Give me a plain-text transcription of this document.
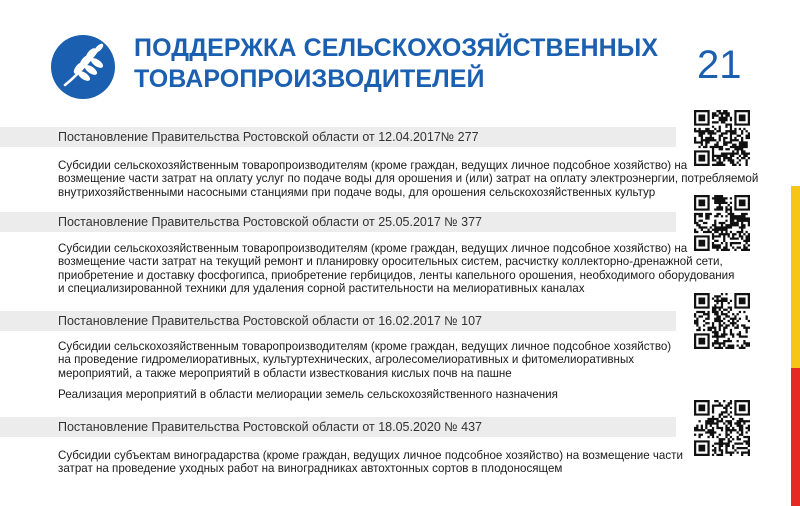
ПОДДЕРЖКА СЕЛЬСКОХОЗЯЙСТВЕННЫХ
ТОВАРОПРОИЗВОДИТЕЛЕЙ	21
Постановление Правительства Ростовской области от 12.04.2017№ 277
Субсидии сельскохозяйственным товаропроизводителям (кроме граждан, ведущих личное подсобное хозяйство) на
возмещение части затрат на оплату услуг по подаче воды для орошения и (или) затрат на оплату электроэнергии, потребляемой
внутрихозяйственными насосными станциями при подаче воды, для орошения сельскохозяйственных культур
Постановление Правительства Ростовской области от 25.05.2017 № 377
Субсидии сельскохозяйственным товаропроизводителям (кроме граждан, ведущих личное подсобное хозяйство) на
возмещение части затрат на текущий ремонт и планировку оросительных систем, расчистку коллекторно-дренажной сети,
приобретение и доставку фосфогипса, приобретение гербицидов, ленты капельного орошения, необходимого оборудования
и специализированной техники для удаления сорной растительности на мелиоративных каналах
Постановление Правительства Ростовской области от 16.02.2017 № 107
Субсидии сельскохозяйственным товаропроизводителям (кроме граждан, ведущих личное подсобное хозяйство)
на проведение гидромелиоративных, культуртехнических, агролесомелиоративных и фитомелиоративных
мероприятий, а также мероприятий в области известкования кислых почв на пашне
Реализация мероприятий в области мелиорации земель сельскохозяйственного назначения
Постановление Правительства Ростовской области от 18.05.2020 № 437
Субсидии субъектам виноградарства (кроме граждан, ведущих личное подсобное хозяйство) на возмещение части
затрат на проведение уходных работ на виноградниках автохтонных сортов в плодоносящем
